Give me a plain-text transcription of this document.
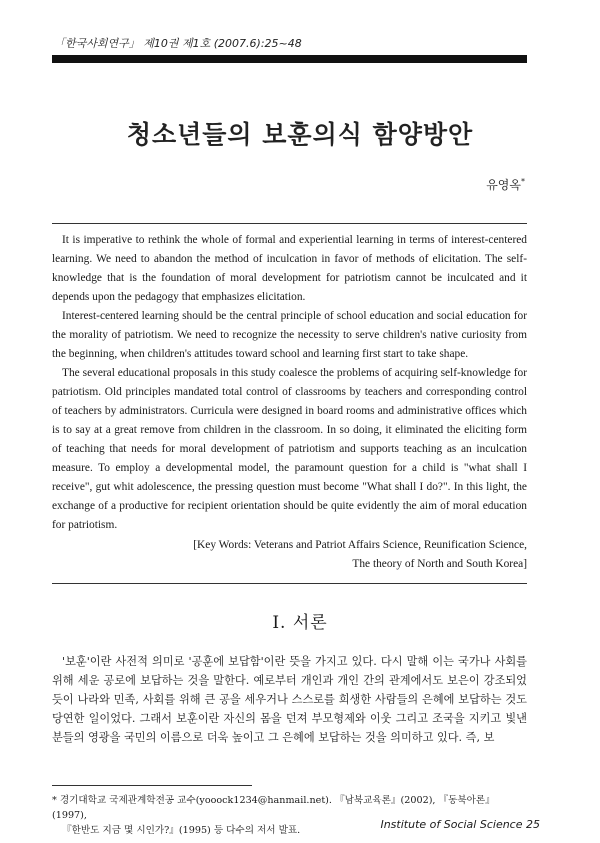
「한국사회연구」 제10권 제1호 (2007.6):25~48
청소년들의 보훈의식 함양방안
유영옥*

It is imperative to rethink the whole of formal and experiential learning in terms of interest-centered learning. We need to abandon the method of inculcation in favor of methods of elicitation. The self-knowledge that is the foundation of moral development for patriotism cannot be inculcated and it depends upon the pedagogy that emphasizes elicitation.

Interest-centered learning should be the central principle of school education and social education for the morality of patriotism. We need to recognize the necessity to serve children's native curiosity from the beginning, when children's attitudes toward school and learning first start to take shape.

The several educational proposals in this study coalesce the problems of acquiring self-knowledge for patriotism. Old principles mandated total control of classrooms by teachers and corresponding control of teachers by administrators. Curricula were designed in board rooms and administrative offices which is to say at a great remove from children in the classroom. In so doing, it eliminated the eliciting form of teaching that needs for moral development of patriotism and supports teaching as an inculcation measure. To employ a developmental model, the paramount question for a child is "what shall I receive", gut whit adolescence, the pressing question must become "What shall I do?". In this light, the exchange of a productive for recipient orientation should be quite evidently the aim of moral education for patriotism.

[Key Words: Veterans and Patriot Affairs Science, Reunification Science,
The theory of North and South Korea]
Ⅰ. 서론

'보훈'이란 사전적 의미로 '공훈에 보답함'이란 뜻을 가지고 있다. 다시 말해 이는 국가나 사회를 위해 세운 공로에 보답하는 것을 말한다. 예로부터 개인과 개인 간의 관계에서도 보은이 강조되었듯이 나라와 민족, 사회를 위해 큰 공을 세우거나 스스로를 희생한 사람들의 은혜에 보답하는 것도 당연한 일이었다. 그래서 보훈이란 자신의 몸을 던져 부모형제와 이웃 그리고 조국을 지키고 빛낸 분들의 영광을 국민의 이름으로 더욱 높이고 그 은혜에 보답하는 것을 의미하고 있다. 즉, 보

* 경기대학교 국제관계학전공 교수(yooock1234@hanmail.net). 『남북교육론』(2002), 『동북아론』(1997),
『한반도 지금 몇 시인가?』(1995) 등 다수의 저서 발표.	Institute of Social Science 25
